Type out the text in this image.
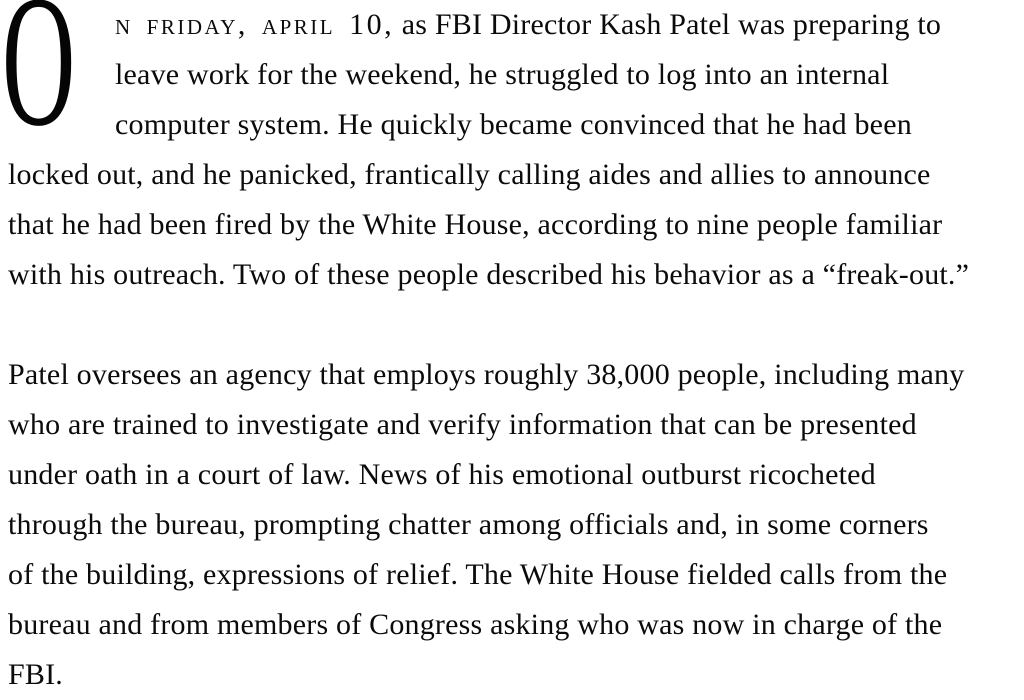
O n friday, april 10, as FBI Director Kash Patel was preparing to
leave work for the weekend, he struggled to log into an internal
computer system. He quickly became convinced that he had been
locked out, and he panicked, frantically calling aides and allies to announce
that he had been fired by the White House, according to nine people familiar
with his outreach. Two of these people described his behavior as a “freak-out.”
Patel oversees an agency that employs roughly 38,000 people, including many
who are trained to investigate and verify information that can be presented
under oath in a court of law. News of his emotional outburst ricocheted
through the bureau, prompting chatter among officials and, in some corners
of the building, expressions of relief. The White House fielded calls from the
bureau and from members of Congress asking who was now in charge of the
FBI.
